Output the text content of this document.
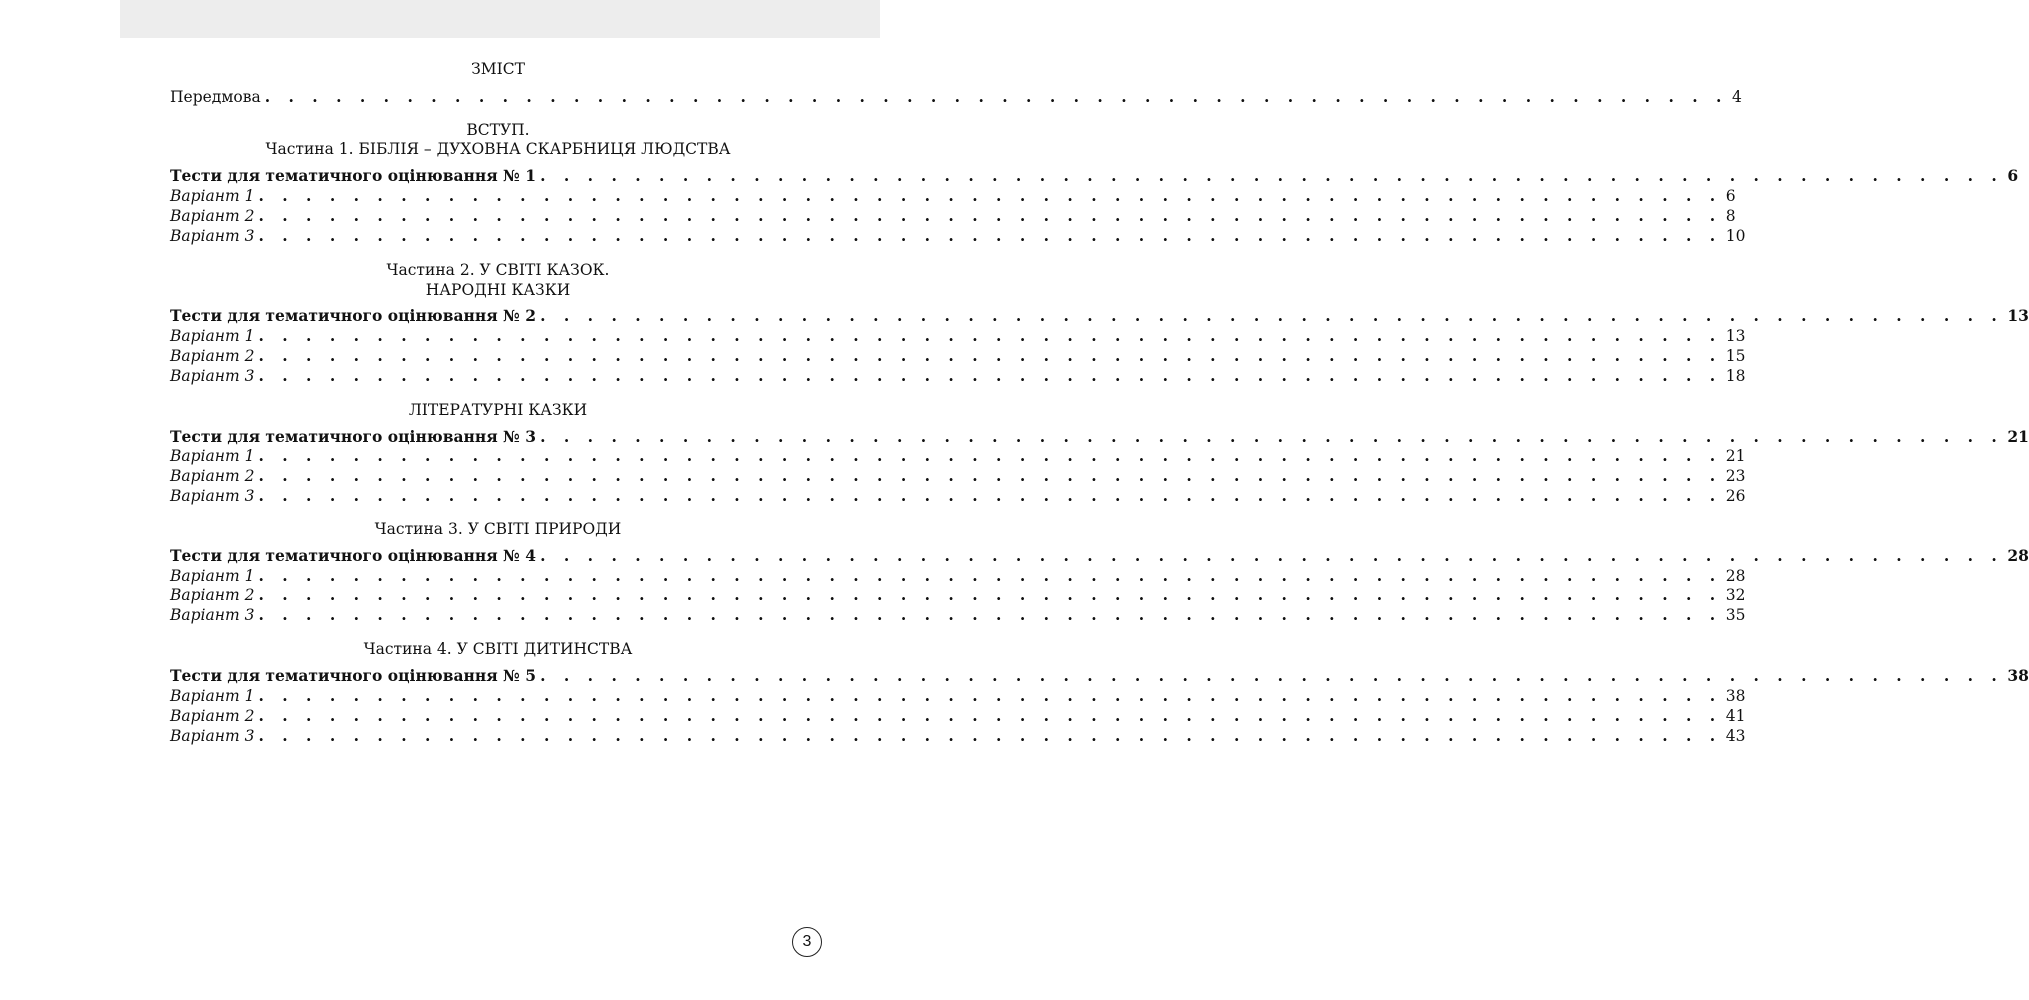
ЗМІСТ
Передмова . . . . . . . . . . . . . . . . . . . . . . . . . . . . . . . . . . . . . . . . . . . . . . . . . . . . . . . . . . . . . . 4
ВСТУП.
Частина 1. БІБЛІЯ – ДУХОВНА СКАРБНИЦЯ ЛЮДСТВА
Тести для тематичного оцінювання № 1 . . . . . . . . . . . . . . . . . . . . . . . . . . . . . . . . . . . . . . . . . . . . . . . . . . . . . . . . . . . . . . 6
Варіант 1 . . . . . . . . . . . . . . . . . . . . . . . . . . . . . . . . . . . . . . . . . . . . . . . . . . . . . . . . . . . . . . 6
Варіант 2 . . . . . . . . . . . . . . . . . . . . . . . . . . . . . . . . . . . . . . . . . . . . . . . . . . . . . . . . . . . . . . 8
Варіант 3 . . . . . . . . . . . . . . . . . . . . . . . . . . . . . . . . . . . . . . . . . . . . . . . . . . . . . . . . . . . . . . 10
Частина 2. У СВІТІ КАЗОК.
НАРОДНІ КАЗКИ
Тести для тематичного оцінювання № 2 . . . . . . . . . . . . . . . . . . . . . . . . . . . . . . . . . . . . . . . . . . . . . . . . . . . . . . . . . . . . . . 13
Варіант 1 . . . . . . . . . . . . . . . . . . . . . . . . . . . . . . . . . . . . . . . . . . . . . . . . . . . . . . . . . . . . . . 13
Варіант 2 . . . . . . . . . . . . . . . . . . . . . . . . . . . . . . . . . . . . . . . . . . . . . . . . . . . . . . . . . . . . . . 15
Варіант 3 . . . . . . . . . . . . . . . . . . . . . . . . . . . . . . . . . . . . . . . . . . . . . . . . . . . . . . . . . . . . . . 18
ЛІТЕРАТУРНІ КАЗКИ
Тести для тематичного оцінювання № 3 . . . . . . . . . . . . . . . . . . . . . . . . . . . . . . . . . . . . . . . . . . . . . . . . . . . . . . . . . . . . . . 21
Варіант 1 . . . . . . . . . . . . . . . . . . . . . . . . . . . . . . . . . . . . . . . . . . . . . . . . . . . . . . . . . . . . . . 21
Варіант 2 . . . . . . . . . . . . . . . . . . . . . . . . . . . . . . . . . . . . . . . . . . . . . . . . . . . . . . . . . . . . . . 23
Варіант 3 . . . . . . . . . . . . . . . . . . . . . . . . . . . . . . . . . . . . . . . . . . . . . . . . . . . . . . . . . . . . . . 26
Частина 3. У СВІТІ ПРИРОДИ
Тести для тематичного оцінювання № 4 . . . . . . . . . . . . . . . . . . . . . . . . . . . . . . . . . . . . . . . . . . . . . . . . . . . . . . . . . . . . . . 28
Варіант 1 . . . . . . . . . . . . . . . . . . . . . . . . . . . . . . . . . . . . . . . . . . . . . . . . . . . . . . . . . . . . . . 28
Варіант 2 . . . . . . . . . . . . . . . . . . . . . . . . . . . . . . . . . . . . . . . . . . . . . . . . . . . . . . . . . . . . . . 32
Варіант 3 . . . . . . . . . . . . . . . . . . . . . . . . . . . . . . . . . . . . . . . . . . . . . . . . . . . . . . . . . . . . . . 35
Частина 4. У СВІТІ ДИТИНСТВА
Тести для тематичного оцінювання № 5 . . . . . . . . . . . . . . . . . . . . . . . . . . . . . . . . . . . . . . . . . . . . . . . . . . . . . . . . . . . . . . 38
Варіант 1 . . . . . . . . . . . . . . . . . . . . . . . . . . . . . . . . . . . . . . . . . . . . . . . . . . . . . . . . . . . . . . 38
Варіант 2 . . . . . . . . . . . . . . . . . . . . . . . . . . . . . . . . . . . . . . . . . . . . . . . . . . . . . . . . . . . . . . 41
Варіант 3 . . . . . . . . . . . . . . . . . . . . . . . . . . . . . . . . . . . . . . . . . . . . . . . . . . . . . . . . . . . . . . 43
3
